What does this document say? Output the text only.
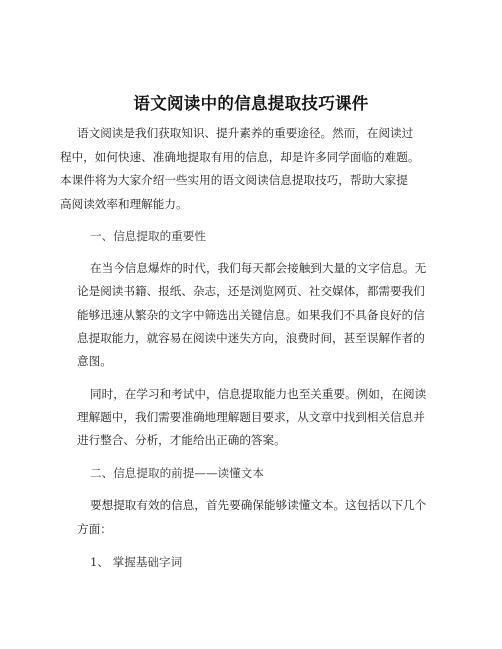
语文阅读中的信息提取技巧课件
语文阅读是我们获取知识、提升素养的重要途径。然而，在阅读过
程中，如何快速、准确地提取有用的信息，却是许多同学面临的难题。
本课件将为大家介绍一些实用的语文阅读信息提取技巧，帮助大家提
高阅读效率和理解能力。
一、信息提取的重要性
在当今信息爆炸的时代，我们每天都会接触到大量的文字信息。无
论是阅读书籍、报纸、杂志，还是浏览网页、社交媒体，都需要我们
能够迅速从繁杂的文字中筛选出关键信息。如果我们不具备良好的信
息提取能力，就容易在阅读中迷失方向，浪费时间，甚至误解作者的
意图。
同时，在学习和考试中，信息提取能力也至关重要。例如，在阅读
理解题中，我们需要准确地理解题目要求，从文章中找到相关信息并
进行整合、分析，才能给出正确的答案。
二、信息提取的前提——读懂文本
要想提取有效的信息，首先要确保能够读懂文本。这包括以下几个
方面：
1、 掌握基础字词
